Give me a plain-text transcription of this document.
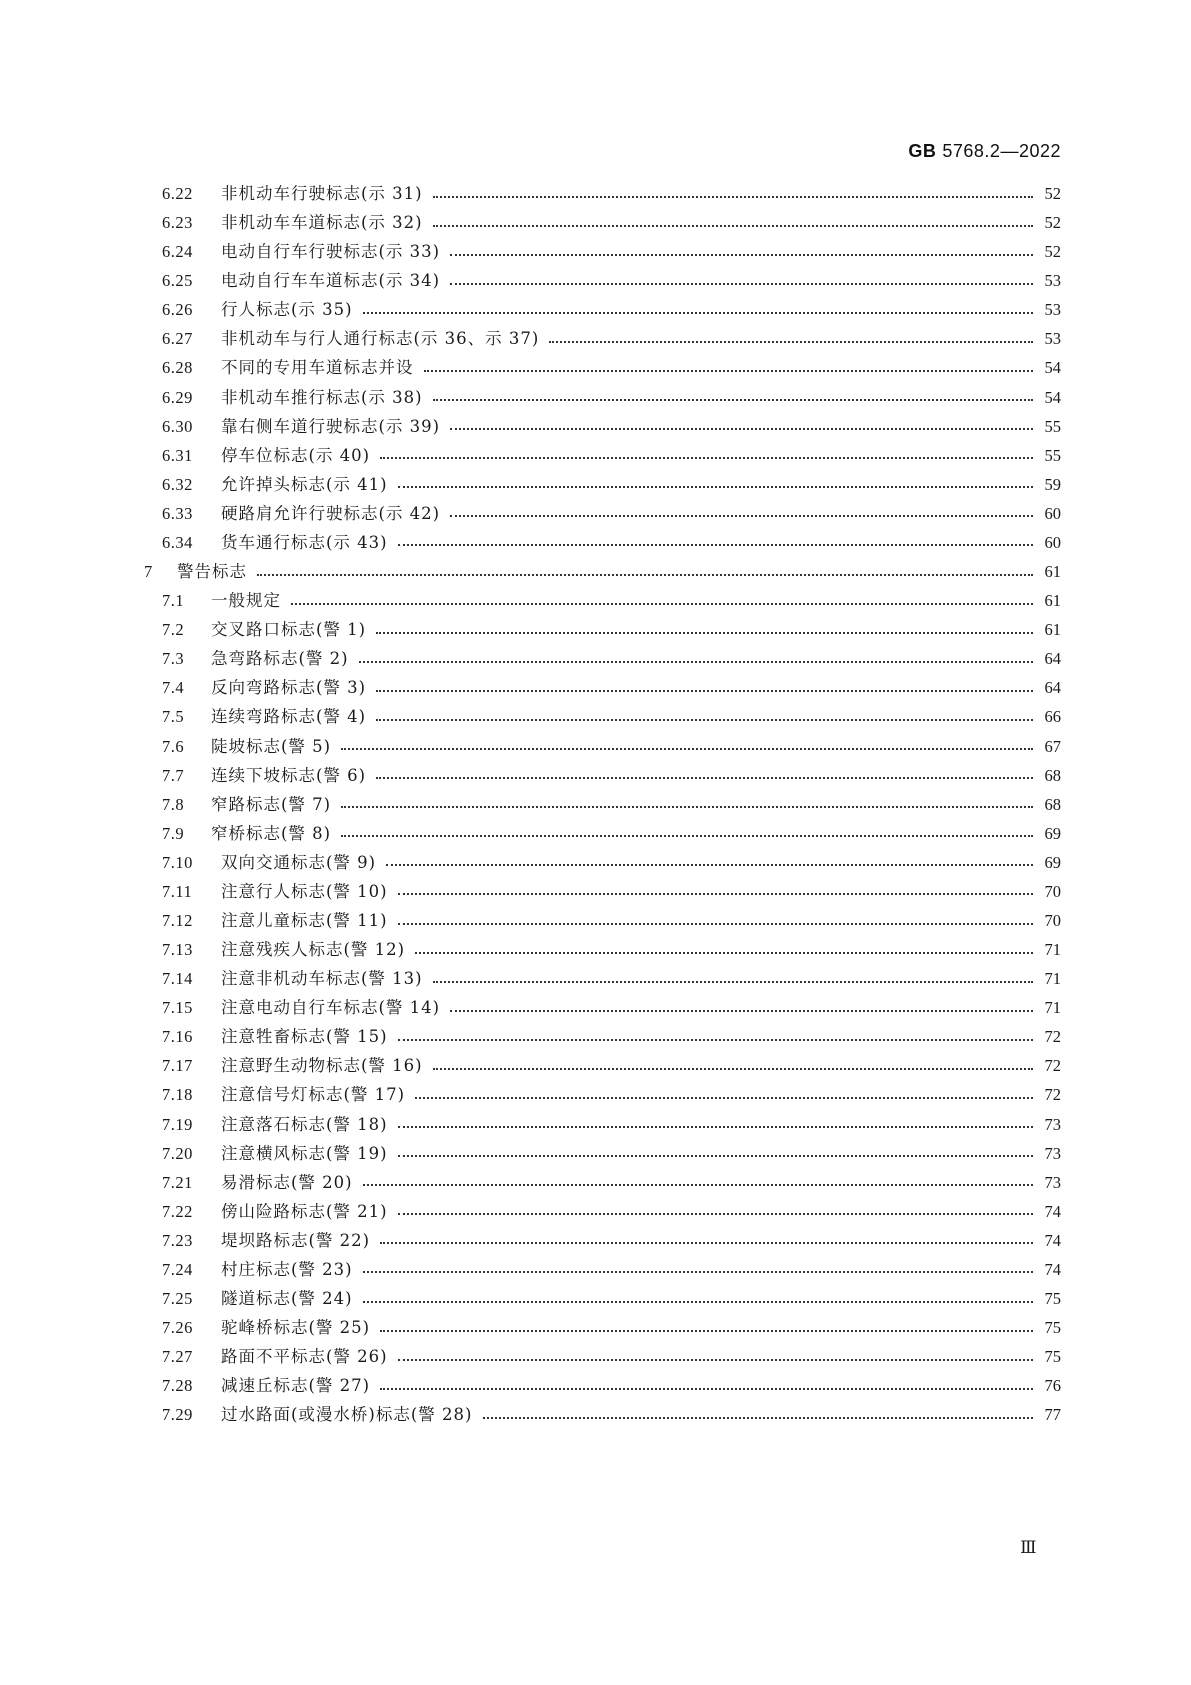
GB 5768.2—2022
6.22	非机动车行驶标志(示 31)	52
6.23	非机动车车道标志(示 32)	52
6.24	电动自行车行驶标志(示 33)	52
6.25	电动自行车车道标志(示 34)	53
6.26	行人标志(示 35)	53
6.27	非机动车与行人通行标志(示 36、示 37)	53
6.28	不同的专用车道标志并设	54
6.29	非机动车推行标志(示 38)	54
6.30	靠右侧车道行驶标志(示 39)	55
6.31	停车位标志(示 40)	55
6.32	允许掉头标志(示 41)	59
6.33	硬路肩允许行驶标志(示 42)	60
6.34	货车通行标志(示 43)	60
7	警告标志	61
7.1	一般规定	61
7.2	交叉路口标志(警 1)	61
7.3	急弯路标志(警 2)	64
7.4	反向弯路标志(警 3)	64
7.5	连续弯路标志(警 4)	66
7.6	陡坡标志(警 5)	67
7.7	连续下坡标志(警 6)	68
7.8	窄路标志(警 7)	68
7.9	窄桥标志(警 8)	69
7.10	双向交通标志(警 9)	69
7.11	注意行人标志(警 10)	70
7.12	注意儿童标志(警 11)	70
7.13	注意残疾人标志(警 12)	71
7.14	注意非机动车标志(警 13)	71
7.15	注意电动自行车标志(警 14)	71
7.16	注意牲畜标志(警 15)	72
7.17	注意野生动物标志(警 16)	72
7.18	注意信号灯标志(警 17)	72
7.19	注意落石标志(警 18)	73
7.20	注意横风标志(警 19)	73
7.21	易滑标志(警 20)	73
7.22	傍山险路标志(警 21)	74
7.23	堤坝路标志(警 22)	74
7.24	村庄标志(警 23)	74
7.25	隧道标志(警 24)	75
7.26	驼峰桥标志(警 25)	75
7.27	路面不平标志(警 26)	75
7.28	减速丘标志(警 27)	76
7.29	过水路面(或漫水桥)标志(警 28)	77
Ⅲ
